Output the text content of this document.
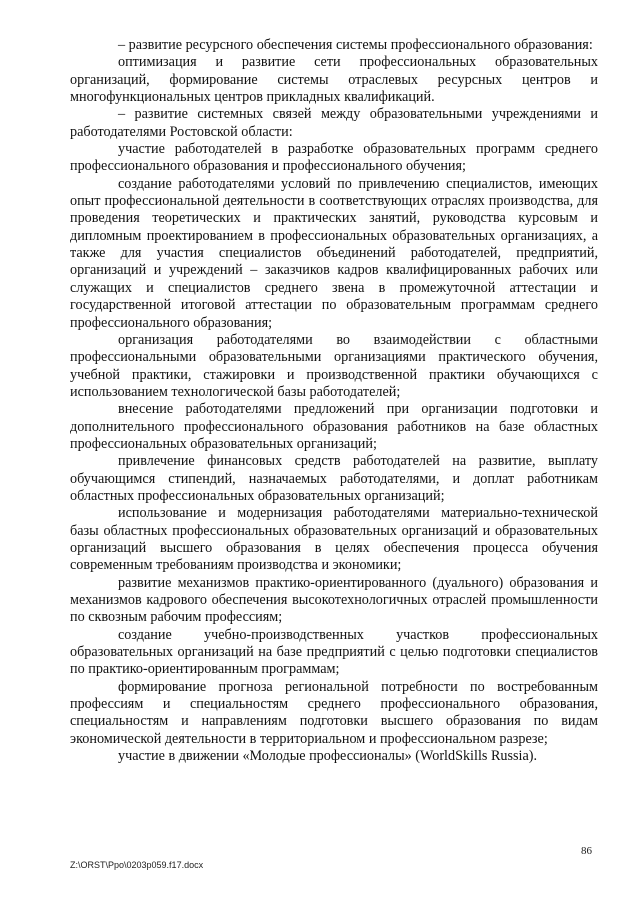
– развитие ресурсного обеспечения системы профессионального образования:

оптимизация и развитие сети профессиональных образовательных организаций, формирование системы отраслевых ресурсных центров и многофункциональных центров прикладных квалификаций.

– развитие системных связей между образовательными учреждениями и работодателями Ростовской области:

участие работодателей в разработке образовательных программ среднего профессионального образования и профессионального обучения;

создание работодателями условий по привлечению специалистов, имеющих опыт профессиональной деятельности в соответствующих отраслях производства, для проведения теоретических и практических занятий, руководства курсовым и дипломным проектированием в профессиональных образовательных организациях, а также для участия специалистов объединений работодателей, предприятий, организаций и учреждений – заказчиков кадров квалифицированных рабочих или служащих и специалистов среднего звена в промежуточной аттестации и государственной итоговой аттестации по образовательным программам среднего профессионального образования;

организация работодателями во взаимодействии с областными профессиональными образовательными организациями практического обучения, учебной практики, стажировки и производственной практики обучающихся с использованием технологической базы работодателей;

внесение работодателями предложений при организации подготовки и дополнительного профессионального образования работников на базе областных профессиональных образовательных организаций;

привлечение финансовых средств работодателей на развитие, выплату обучающимся стипендий, назначаемых работодателями, и доплат работникам областных профессиональных образовательных организаций;

использование и модернизация работодателями материально-технической базы областных профессиональных образовательных организаций и образовательных организаций высшего образования в целях обеспечения процесса обучения современным требованиям производства и экономики;

развитие механизмов практико-ориентированного (дуального) образования и механизмов кадрового обеспечения высокотехнологичных отраслей промышленности по сквозным рабочим профессиям;

создание учебно-производственных участков профессиональных образовательных организаций на базе предприятий с целью подготовки специалистов по практико-ориентированным программам;

формирование прогноза региональной потребности по востребованным профессиям и специальностям среднего профессионального образования, специальностям и направлениям подготовки высшего образования по видам экономической деятельности в территориальном и профессиональном разрезе;

участие в движении «Молодые профессионалы» (WorldSkills Russia).

86
Z:\ORST\Ppo\0203p059.f17.docx
